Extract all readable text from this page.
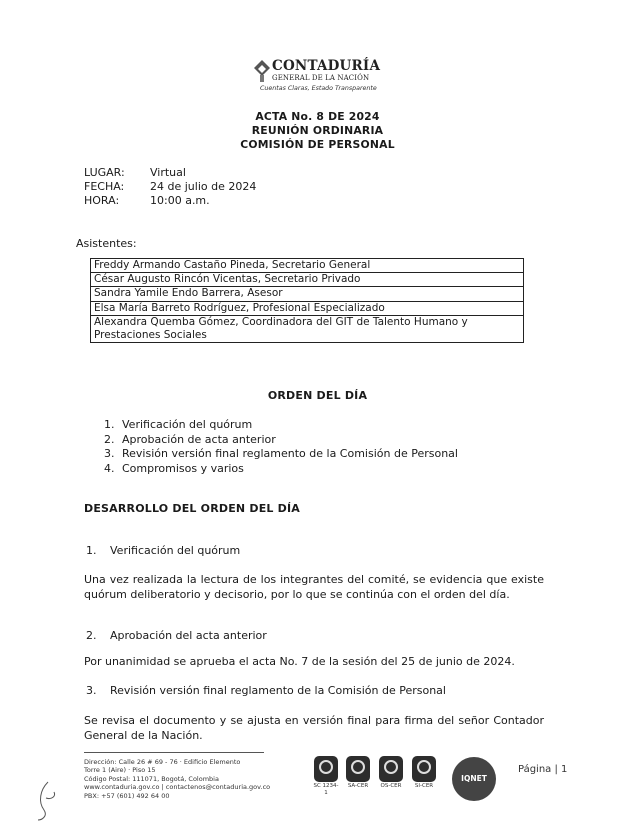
CONTADURÍA
GENERAL DE LA NACIÓN
Cuentas Claras, Estado Transparente
ACTA No. 8 DE 2024
REUNIÓN ORDINARIA
COMISIÓN DE PERSONAL
LUGAR: Virtual
FECHA: 24 de julio de 2024
HORA:	10:00 a.m.
Asistentes:
Freddy Armando Castaño Pineda, Secretario General
César Augusto Rincón Vicentas, Secretario Privado
Sandra Yamile Endo Barrera, Asesor
Elsa María Barreto Rodríguez, Profesional Especializado
Alexandra Quemba Gómez, Coordinadora del GIT de Talento Humano y Prestaciones Sociales
ORDEN DEL DÍA
1. Verificación del quórum
2. Aprobación de acta anterior
3. Revisión versión final reglamento de la Comisión de Personal
4. Compromisos y varios
DESARROLLO DEL ORDEN DEL DÍA
1. Verificación del quórum
Una vez realizada la lectura de los integrantes del comité, se evidencia que existe quórum deliberatorio y decisorio, por lo que se continúa con el orden del día.
2. Aprobación del acta anterior
Por unanimidad se aprueba el acta No. 7 de la sesión del 25 de junio de 2024.
3. Revisión versión final reglamento de la Comisión de Personal
Se revisa el documento y se ajusta en versión final para firma del señor Contador General de la Nación.
Dirección: Calle 26 # 69 - 76 · Edificio Elemento
Torre 1 (Aire) · Piso 15
Código Postal: 111071, Bogotá, Colombia
www.contaduria.gov.co | contactenos@contaduria.gov.co
PBX: +57 (601) 492 64 00
SC 1234-1
SA-CER	OS-CER	SI-CER
IQNET
Página | 1
